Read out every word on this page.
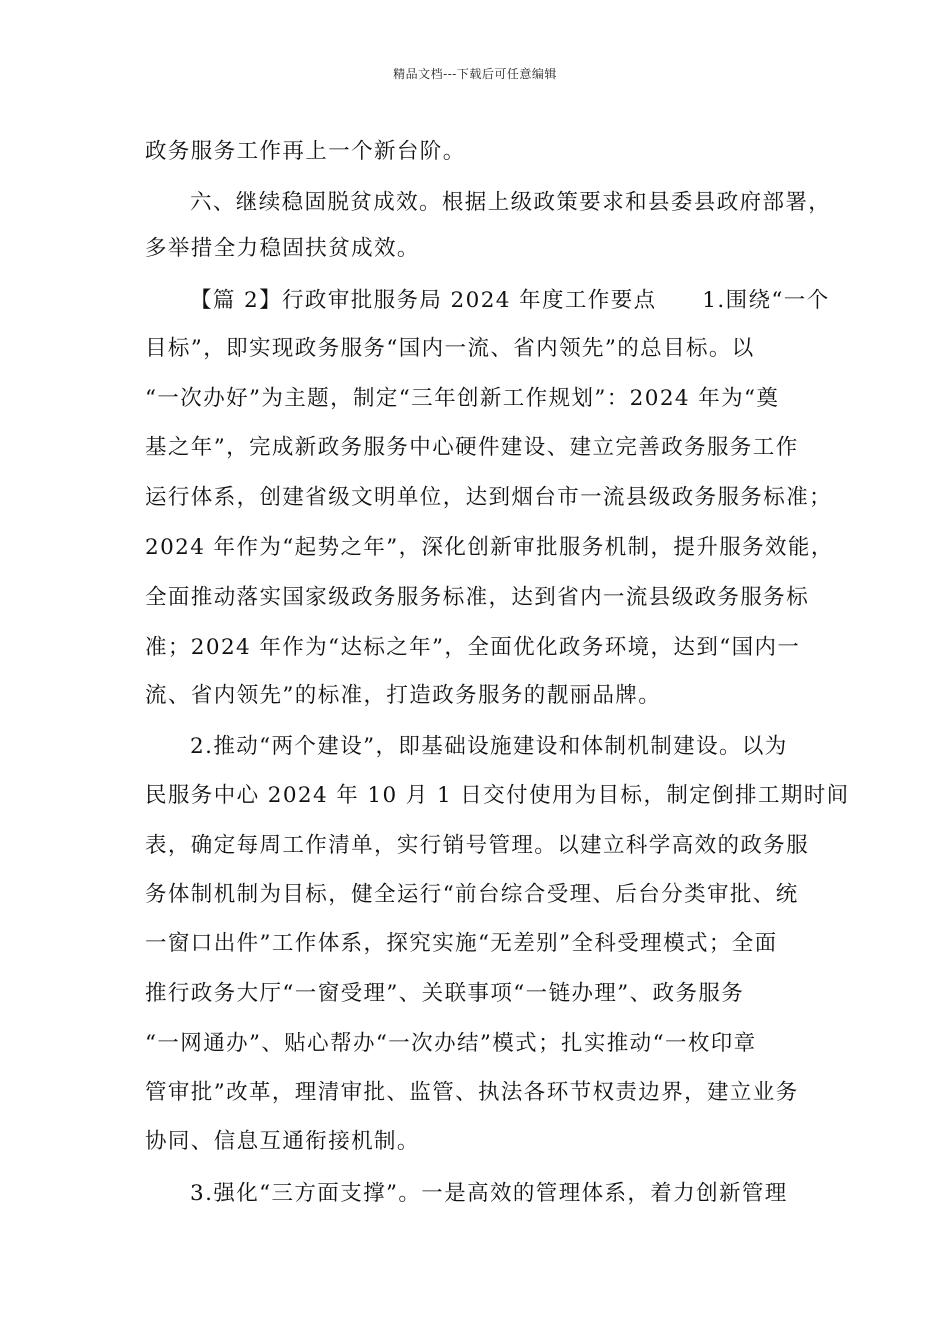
精品文档---下载后可任意编辑
政务服务工作再上一个新台阶。
六、继续稳固脱贫成效。根据上级政策要求和县委县政府部署，
多举措全力稳固扶贫成效。
【篇 2】行政审批服务局 2024 年度工作要点　　1.围绕“一个
目标”，即实现政务服务“国内一流、省内领先”的总目标。以
“一次办好”为主题，制定“三年创新工作规划”：2024 年为“奠
基之年”，完成新政务服务中心硬件建设、建立完善政务服务工作
运行体系，创建省级文明单位，达到烟台市一流县级政务服务标准；
2024 年作为“起势之年”，深化创新审批服务机制，提升服务效能，
全面推动落实国家级政务服务标准，达到省内一流县级政务服务标
准；2024 年作为“达标之年”，全面优化政务环境，达到“国内一
流、省内领先”的标准，打造政务服务的靓丽品牌。
2.推动“两个建设”，即基础设施建设和体制机制建设。以为
民服务中心 2024 年 10 月 1 日交付使用为目标，制定倒排工期时间
表，确定每周工作清单，实行销号管理。以建立科学高效的政务服
务体制机制为目标，健全运行“前台综合受理、后台分类审批、统
一窗口出件”工作体系，探究实施“无差别”全科受理模式；全面
推行政务大厅“一窗受理”、关联事项“一链办理”、政务服务
“一网通办”、贴心帮办“一次办结”模式；扎实推动“一枚印章
管审批”改革，理清审批、监管、执法各环节权责边界，建立业务
协同、信息互通衔接机制。
3.强化“三方面支撑”。一是高效的管理体系，着力创新管理
